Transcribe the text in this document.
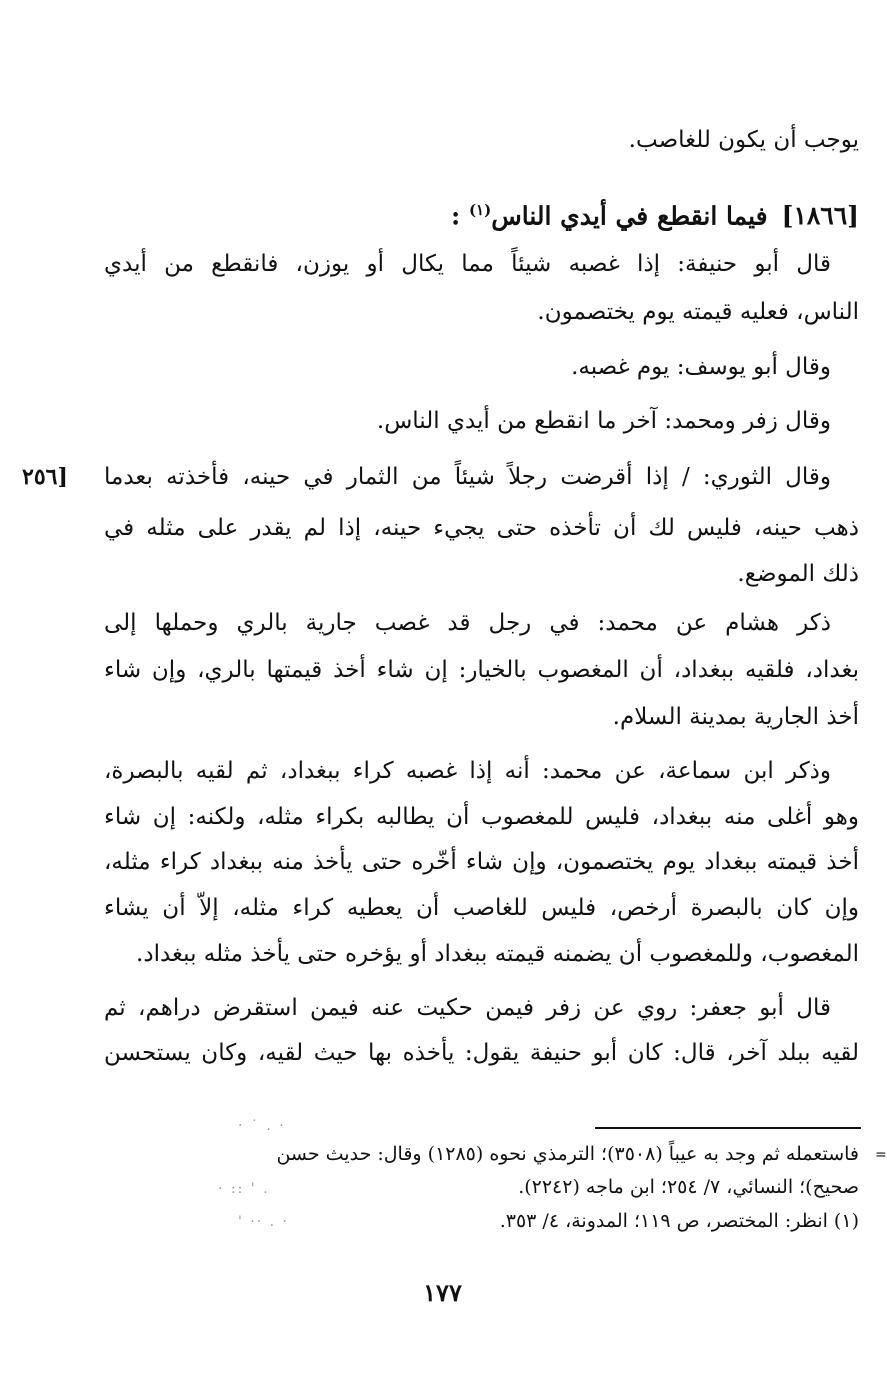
يوجب أن يكون للغاصب.
[١٨٦٦]فيما انقطع في أيدي الناس$^{(١)}$ :
قال أبو حنيفة: إذا غصبه شيئاً مما يكال أو يوزن، فانقطع من أيدي
الناس، فعليه قيمته يوم يختصمون.
وقال أبو يوسف: يوم غصبه.
وقال زفر ومحمد: آخر ما انقطع من أيدي الناس.
وقال الثوري: / إذا أقرضت رجلاً شيئاً من الثمار في حينه، فأخذته بعدما
ذهب حينه، فليس لك أن تأخذه حتى يجيء حينه، إذا لم يقدر على مثله في
ذلك الموضع.
[٢٥٦
ذكر هشام عن محمد: في رجل قد غصب جارية بالري وحملها إلى
بغداد، فلقيه ببغداد، أن المغصوب بالخيار: إن شاء أخذ قيمتها بالري، وإن شاء
أخذ الجارية بمدينة السلام.
وذكر ابن سماعة، عن محمد: أنه إذا غصبه كراء ببغداد، ثم لقيه بالبصرة،
وهو أغلى منه ببغداد، فليس للمغصوب أن يطالبه بكراء مثله، ولكنه: إن شاء
أخذ قيمته ببغداد يوم يختصمون، وإن شاء أخّره حتى يأخذ منه ببغداد كراء مثله،
وإن كان بالبصرة أرخص، فليس للغاصب أن يعطيه كراء مثله، إلاّ أن يشاء
المغصوب، وللمغصوب أن يضمنه قيمته ببغداد أو يؤخره حتى يأخذ مثله ببغداد.
قال أبو جعفر: روي عن زفر فيمن حكيت عنه فيمن استقرض دراهم، ثم
لقيه ببلد آخر، قال: كان أبو حنيفة يقول: يأخذه بها حيث لقيه، وكان يستحسن
=
فاستعمله ثم وجد به عيباً (٣٥٠٨)؛ الترمذي نحوه (١٢٨٥) وقال: حديث حسن
صحيح)؛ النسائي، ٧/ ٢٥٤؛ ابن ماجه (٢٢٤٢).
(١) انظر: المختصر، ص ١١٩؛ المدونة، ٤/ ٣٥٣.
١٧٧
· ˙ . ·
· :: ' .
' ·· . ·
